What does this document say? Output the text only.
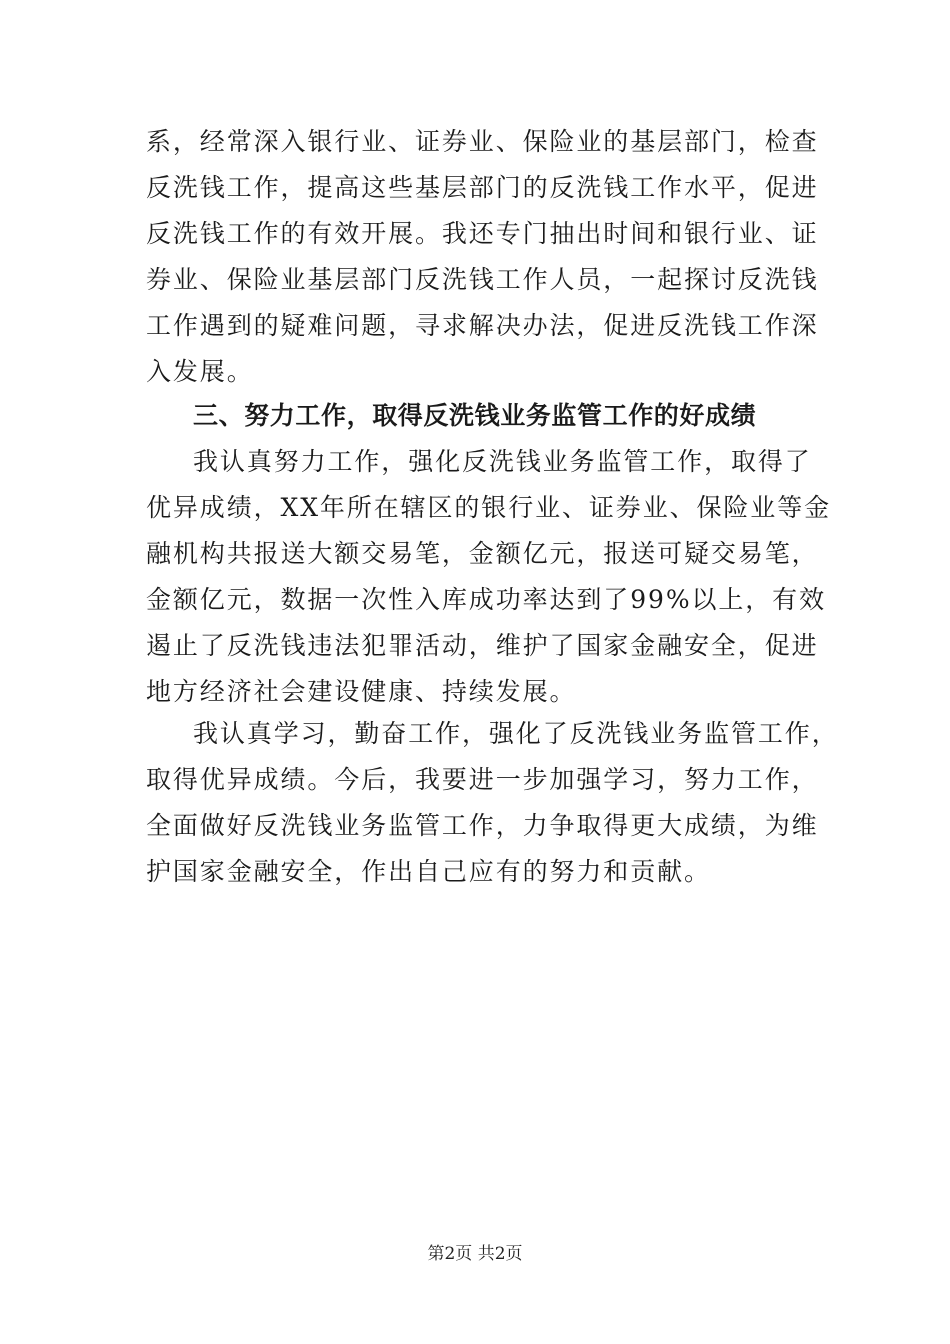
系，经常深入银行业、证券业、保险业的基层部门，检查
反洗钱工作，提高这些基层部门的反洗钱工作水平，促进
反洗钱工作的有效开展。我还专门抽出时间和银行业、证
券业、保险业基层部门反洗钱工作人员，一起探讨反洗钱
工作遇到的疑难问题，寻求解决办法，促进反洗钱工作深
入发展。
三、努力工作，取得反洗钱业务监管工作的好成绩
我认真努力工作，强化反洗钱业务监管工作，取得了
优异成绩，XX年所在辖区的银行业、证券业、保险业等金
融机构共报送大额交易笔，金额亿元，报送可疑交易笔，
金额亿元，数据一次性入库成功率达到了99%以上，有效
遏止了反洗钱违法犯罪活动，维护了国家金融安全，促进
地方经济社会建设健康、持续发展。
我认真学习，勤奋工作，强化了反洗钱业务监管工作，
取得优异成绩。今后，我要进一步加强学习，努力工作，
全面做好反洗钱业务监管工作，力争取得更大成绩，为维
护国家金融安全，作出自己应有的努力和贡献。
第2页 共2页
